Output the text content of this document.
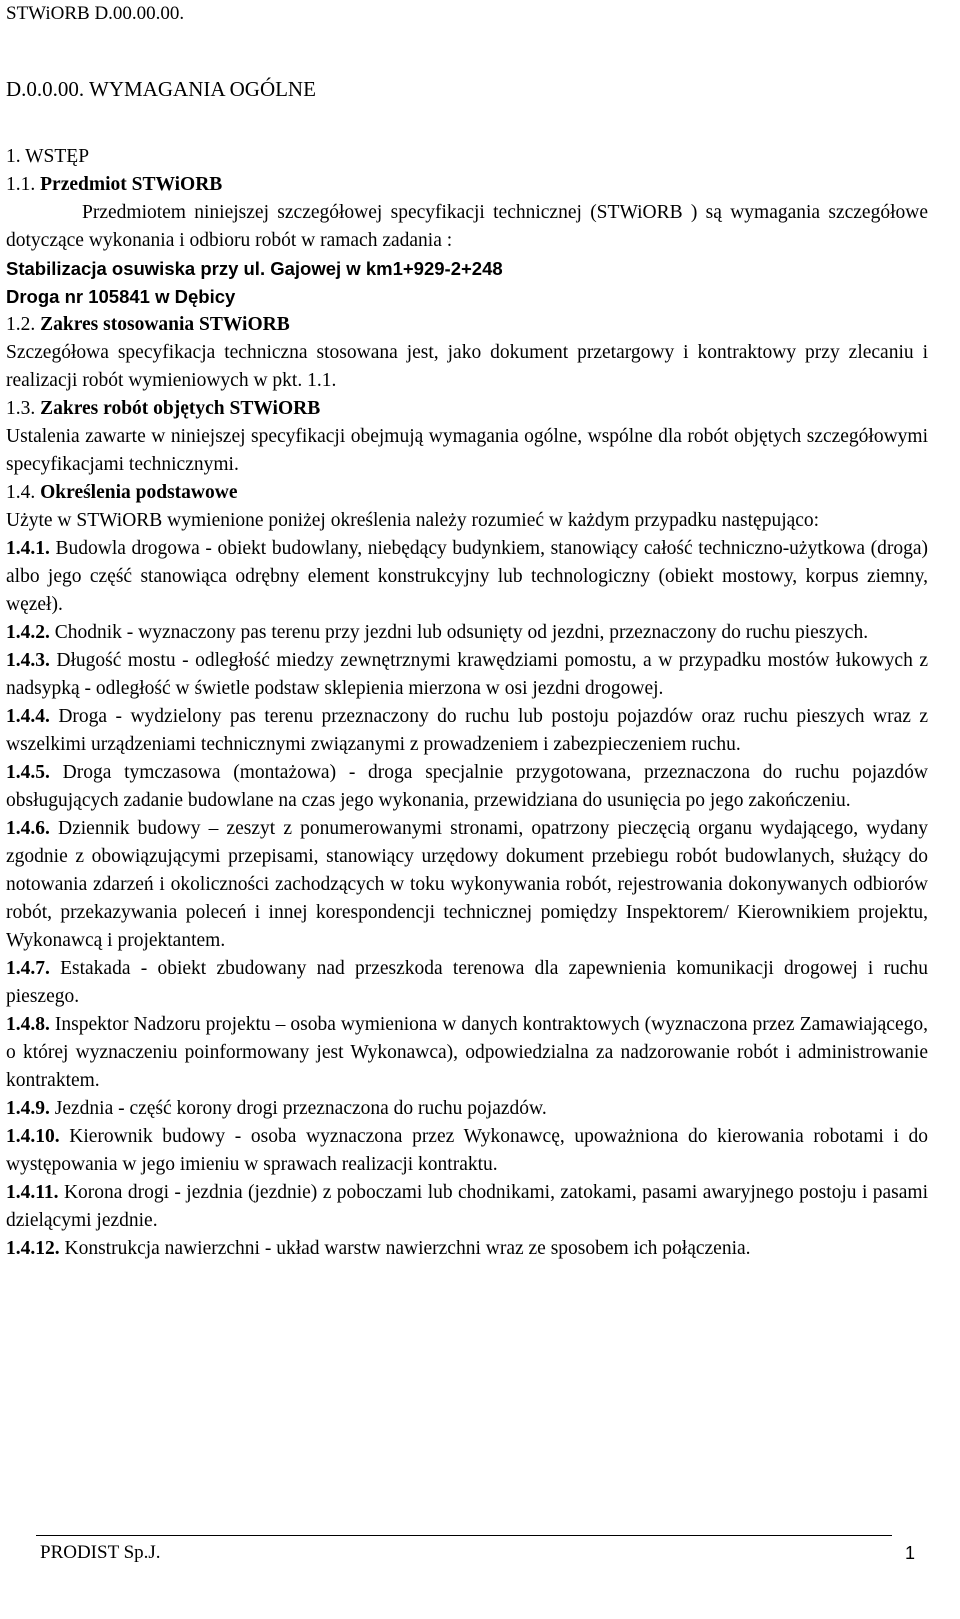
STWiORB D.00.00.00.
D.0.0.00. WYMAGANIA OGÓLNE

1. WSTĘP

1.1. Przedmiot STWiORB

Przedmiotem niniejszej szczegółowej specyfikacji technicznej (STWiORB ) są wymagania szczegółowe dotyczące wykonania i odbioru robót w ramach zadania :

Stabilizacja osuwiska przy ul. Gajowej w km1+929-2+248

Droga nr 105841 w Dębicy

1.2. Zakres stosowania STWiORB

Szczegółowa specyfikacja techniczna stosowana jest, jako dokument przetargowy i kontraktowy przy zlecaniu i realizacji robót wymieniowych w pkt. 1.1.

1.3. Zakres robót objętych STWiORB

Ustalenia zawarte w niniejszej specyfikacji obejmują wymagania ogólne, wspólne dla robót objętych szczegółowymi specyfikacjami technicznymi.

1.4. Określenia podstawowe

Użyte w STWiORB wymienione poniżej określenia należy rozumieć w każdym przypadku następująco:

1.4.1. Budowla drogowa - obiekt budowlany, niebędący budynkiem, stanowiący całość techniczno-użytkowa (droga) albo jego część stanowiąca odrębny element konstrukcyjny lub technologiczny (obiekt mostowy, korpus ziemny, węzeł).

1.4.2. Chodnik - wyznaczony pas terenu przy jezdni lub odsunięty od jezdni, przeznaczony do ruchu pieszych.

1.4.3. Długość mostu - odległość miedzy zewnętrznymi krawędziami pomostu, a w przypadku mostów łukowych z nadsypką - odległość w świetle podstaw sklepienia mierzona w osi jezdni drogowej.

1.4.4. Droga - wydzielony pas terenu przeznaczony do ruchu lub postoju pojazdów oraz ruchu pieszych wraz z wszelkimi urządzeniami technicznymi związanymi z prowadzeniem i zabezpieczeniem ruchu.

1.4.5. Droga tymczasowa (montażowa) - droga specjalnie przygotowana, przeznaczona do ruchu pojazdów obsługujących zadanie budowlane na czas jego wykonania, przewidziana do usunięcia po jego zakończeniu.

1.4.6. Dziennik budowy – zeszyt z ponumerowanymi stronami, opatrzony pieczęcią organu wydającego, wydany zgodnie z obowiązującymi przepisami, stanowiący urzędowy dokument przebiegu robót budowlanych, służący do notowania zdarzeń i okoliczności zachodzących w toku wykonywania robót, rejestrowania dokonywanych odbiorów robót, przekazywania poleceń i innej korespondencji technicznej pomiędzy Inspektorem/ Kierownikiem projektu, Wykonawcą i projektantem.

1.4.7. Estakada - obiekt zbudowany nad przeszkoda terenowa dla zapewnienia komunikacji drogowej i ruchu pieszego.

1.4.8. Inspektor Nadzoru projektu – osoba wymieniona w danych kontraktowych (wyznaczona przez Zamawiającego, o której wyznaczeniu poinformowany jest Wykonawca), odpowiedzialna za nadzorowanie robót i administrowanie kontraktem.

1.4.9. Jezdnia - część korony drogi przeznaczona do ruchu pojazdów.

1.4.10. Kierownik budowy - osoba wyznaczona przez Wykonawcę, upoważniona do kierowania robotami i do występowania w jego imieniu w sprawach realizacji kontraktu.

1.4.11. Korona drogi - jezdnia (jezdnie) z poboczami lub chodnikami, zatokami, pasami awaryjnego postoju i pasami dzielącymi jezdnie.

1.4.12. Konstrukcja nawierzchni - układ warstw nawierzchni wraz ze sposobem ich połączenia.

PRODIST Sp.J.	1
